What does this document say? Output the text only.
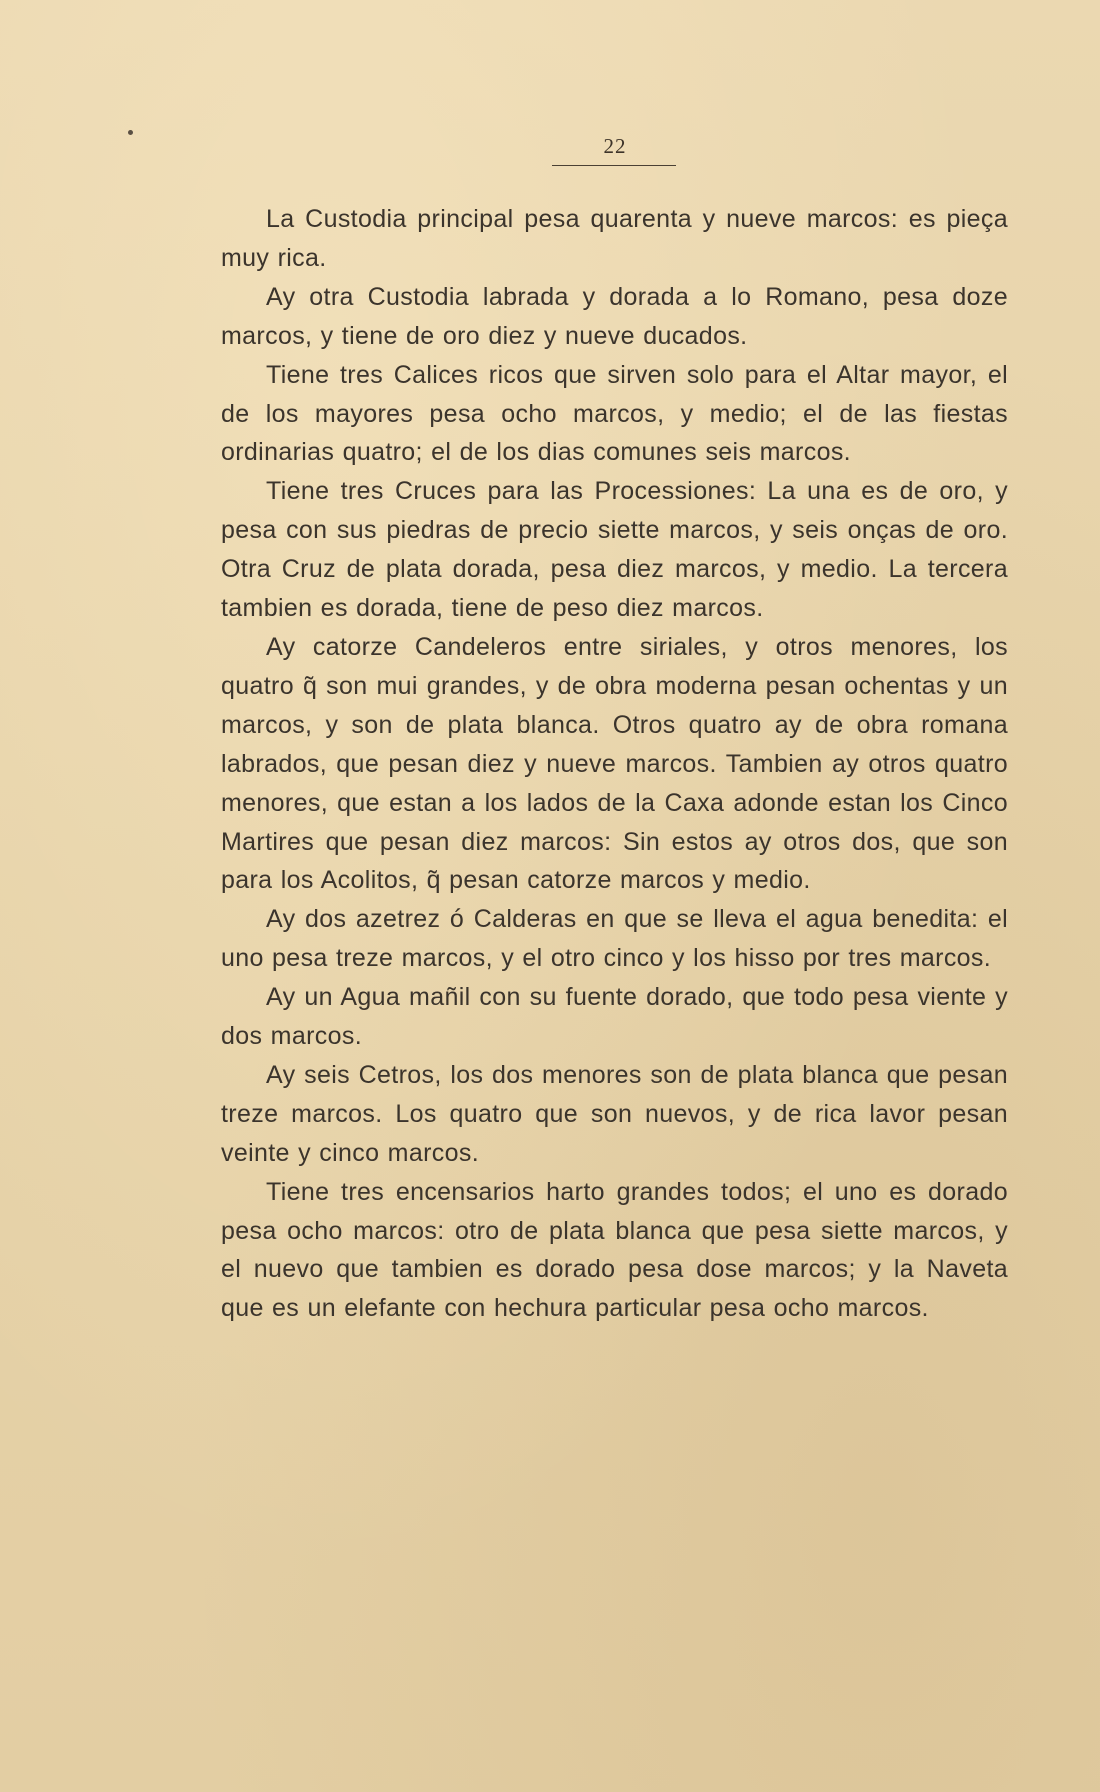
22

La Custodia principal pesa quarenta y nueve marcos: es pieça muy rica.

Ay otra Custodia labrada y dorada a lo Romano, pesa doze marcos, y tiene de oro diez y nueve ducados.

Tiene tres Calices ricos que sirven solo para el Altar mayor, el de los mayores pesa ocho marcos, y medio; el de las fiestas ordinarias quatro; el de los dias comunes seis marcos.

Tiene tres Cruces para las Processiones: La una es de oro, y pesa con sus piedras de precio siette marcos, y seis onças de oro. Otra Cruz de plata dorada, pesa diez marcos, y medio. La tercera tambien es dorada, tiene de peso diez marcos.

Ay catorze Candeleros entre siriales, y otros menores, los quatro q̃ son mui grandes, y de obra moderna pesan ochentas y un marcos, y son de plata blanca. Otros quatro ay de obra romana labrados, que pesan diez y nueve marcos. Tambien ay otros quatro menores, que estan a los lados de la Caxa adonde estan los Cinco Martires que pesan diez marcos: Sin estos ay otros dos, que son para los Acolitos, q̃ pesan catorze marcos y medio.

Ay dos azetrez ó Calderas en que se lleva el agua benedita: el uno pesa treze marcos, y el otro cinco y los hisso por tres marcos.

Ay un Agua mañil con su fuente dorado, que todo pesa viente y dos marcos.

Ay seis Cetros, los dos menores son de plata blanca que pesan treze marcos. Los quatro que son nuevos, y de rica lavor pesan veinte y cinco marcos.

Tiene tres encensarios harto grandes todos; el uno es dorado pesa ocho marcos: otro de plata blanca que pesa siette marcos, y el nuevo que tambien es dorado pesa dose marcos; y la Naveta que es un elefante con hechura particular pesa ocho marcos.
